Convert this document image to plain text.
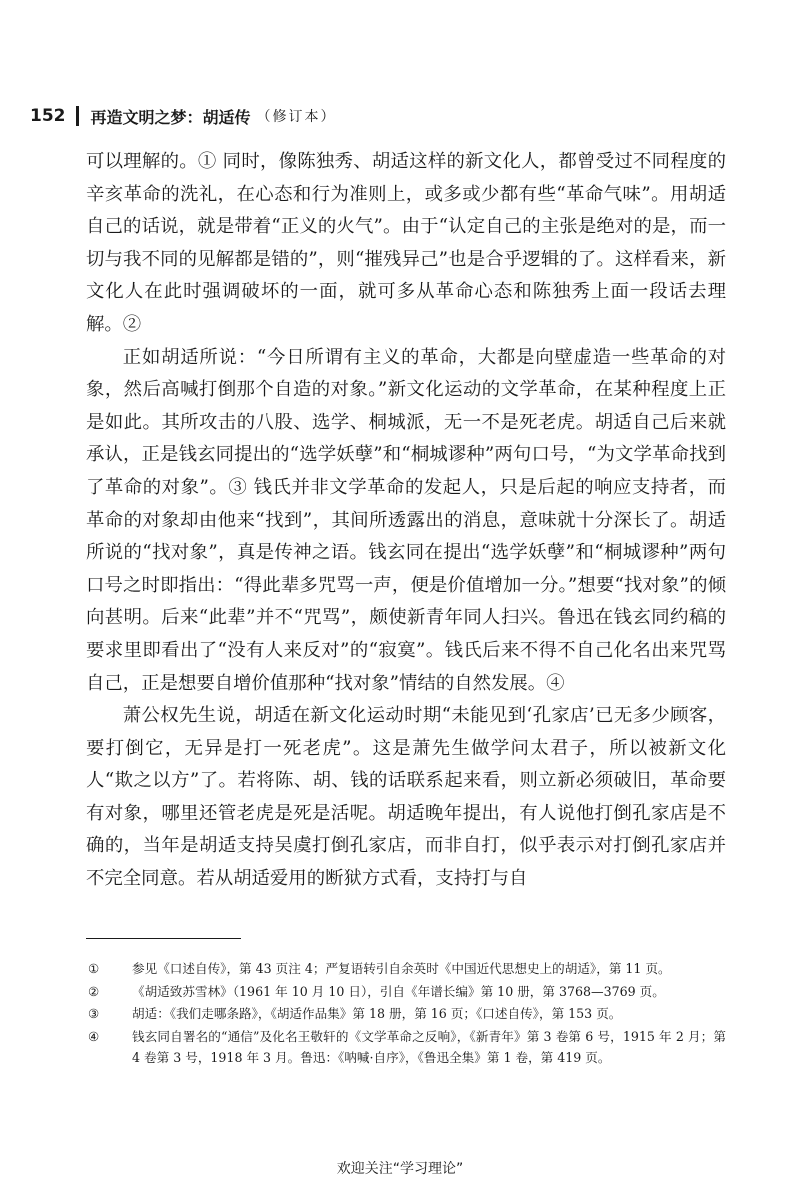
152 再造文明之梦：胡适传 （修订本）

可以理解的。① 同时，像陈独秀、胡适这样的新文化人，都曾受过不同程度的辛亥革命的洗礼，在心态和行为准则上，或多或少都有些“革命气味”。用胡适自己的话说，就是带着“正义的火气”。由于“认定自己的主张是绝对的是，而一切与我不同的见解都是错的”，则“摧残异己”也是合乎逻辑的了。这样看来，新文化人在此时强调破坏的一面，就可多从革命心态和陈独秀上面一段话去理解。②

正如胡适所说：“今日所谓有主义的革命，大都是向壁虚造一些革命的对象，然后高喊打倒那个自造的对象。”新文化运动的文学革命，在某种程度上正是如此。其所攻击的八股、选学、桐城派，无一不是死老虎。胡适自己后来就承认，正是钱玄同提出的“选学妖孽”和“桐城谬种”两句口号，“为文学革命找到了革命的对象”。③ 钱氏并非文学革命的发起人，只是后起的响应支持者，而革命的对象却由他来“找到”，其间所透露出的消息，意味就十分深长了。胡适所说的“找对象”，真是传神之语。钱玄同在提出“选学妖孽”和“桐城谬种”两句口号之时即指出：“得此辈多咒骂一声，便是价值增加一分。”想要“找对象”的倾向甚明。后来“此辈”并不“咒骂”，颇使新青年同人扫兴。鲁迅在钱玄同约稿的要求里即看出了“没有人来反对”的“寂寞”。钱氏后来不得不自己化名出来咒骂自己，正是想要自增价值那种“找对象”情结的自然发展。④

萧公权先生说，胡适在新文化运动时期“未能见到‘孔家店’已无多少顾客，要打倒它，无异是打一死老虎”。这是萧先生做学问太君子，所以被新文化人“欺之以方”了。若将陈、胡、钱的话联系起来看，则立新必须破旧，革命要有对象，哪里还管老虎是死是活呢。胡适晚年提出，有人说他打倒孔家店是不确的，当年是胡适支持吴虞打倒孔家店，而非自打，似乎表示对打倒孔家店并不完全同意。若从胡适爱用的断狱方式看，支持打与自

①	参见《口述自传》，第 43 页注 4；严复语转引自余英时《中国近代思想史上的胡适》，第 11 页。
②	《胡适致苏雪林》（1961 年 10 月 10 日），引自《年谱长编》第 10 册，第 3768—3769 页。
③	胡适：《我们走哪条路》，《胡适作品集》第 18 册，第 16 页；《口述自传》，第 153 页。
④	钱玄同自署名的“通信”及化名王敬轩的《文学革命之反响》，《新青年》第 3 卷第 6 号，1915 年 2 月；第 4 卷第 3 号，1918 年 3 月。鲁迅：《呐喊·自序》，《鲁迅全集》第 1 卷，第 419 页。
欢迎关注“学习理论”
